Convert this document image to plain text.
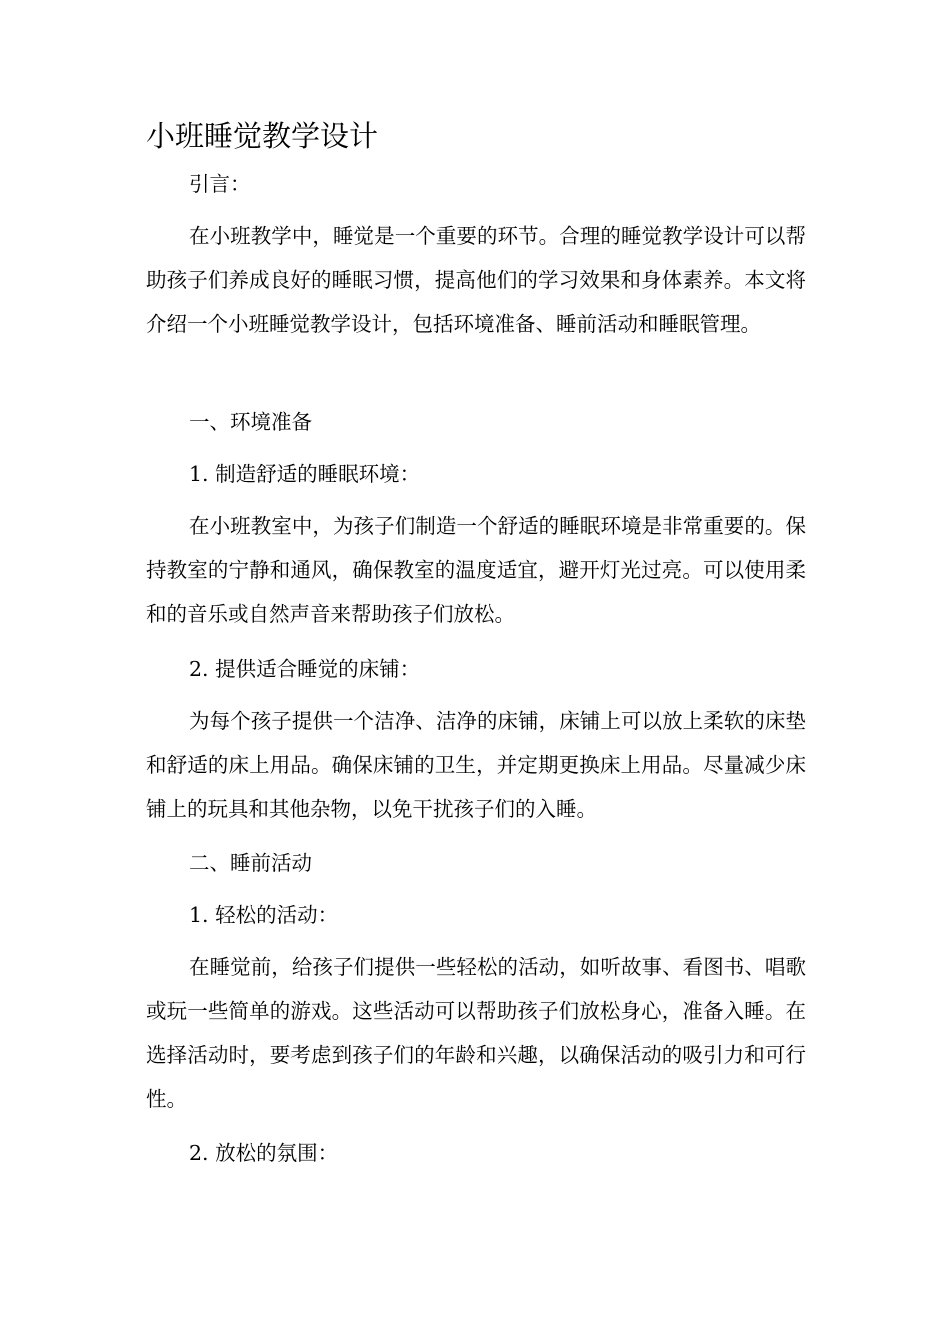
小班睡觉教学设计

引言：

在小班教学中，睡觉是一个重要的环节。合理的睡觉教学设计可以帮助孩子们养成良好的睡眠习惯，提高他们的学习效果和身体素养。本文将介绍一个小班睡觉教学设计，包括环境准备、睡前活动和睡眠管理。

一、环境准备

1. 制造舒适的睡眠环境：

在小班教室中，为孩子们制造一个舒适的睡眠环境是非常重要的。保持教室的宁静和通风，确保教室的温度适宜，避开灯光过亮。可以使用柔和的音乐或自然声音来帮助孩子们放松。

2. 提供适合睡觉的床铺：

为每个孩子提供一个洁净、洁净的床铺，床铺上可以放上柔软的床垫和舒适的床上用品。确保床铺的卫生，并定期更换床上用品。尽量减少床铺上的玩具和其他杂物，以免干扰孩子们的入睡。

二、睡前活动

1. 轻松的活动：

在睡觉前，给孩子们提供一些轻松的活动，如听故事、看图书、唱歌或玩一些简单的游戏。这些活动可以帮助孩子们放松身心，准备入睡。在选择活动时，要考虑到孩子们的年龄和兴趣，以确保活动的吸引力和可行性。

2. 放松的氛围：
